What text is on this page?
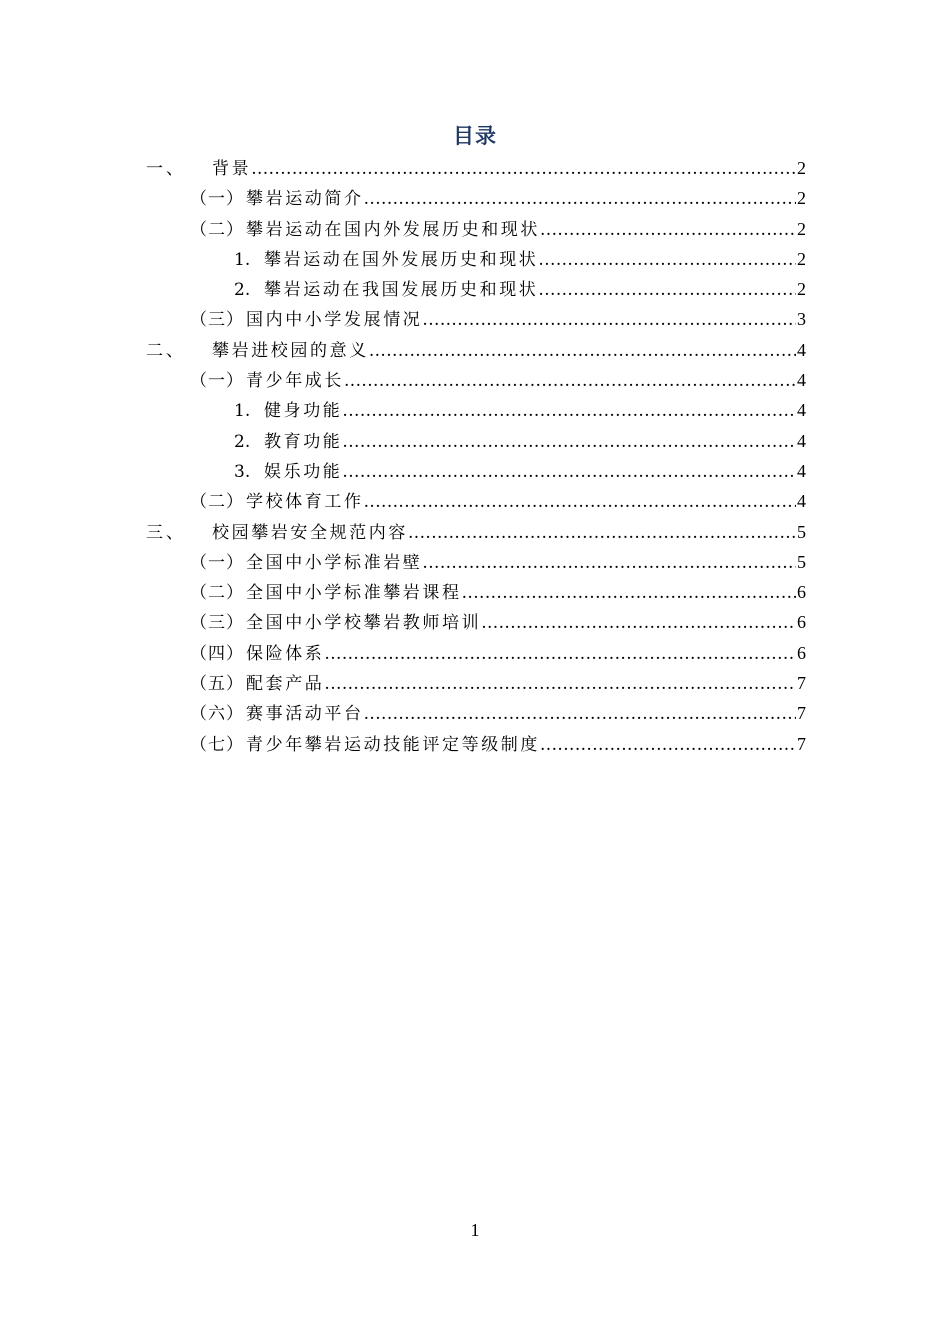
目录
一、	背景 .....	2
（一） 攀岩运动简介 .....	2
（二） 攀岩运动在国内外发展历史和现状 .....	2
1. 攀岩运动在国外发展历史和现状 .....	2
2. 攀岩运动在我国发展历史和现状 .....	2
（三） 国内中小学发展情况 .....	3
二、	攀岩进校园的意义 .....	4
（一） 青少年成长 .....	4
1. 健身功能 .....	4
2. 教育功能 .....	4
3. 娱乐功能 .....	4
（二） 学校体育工作 .....	4
三、	校园攀岩安全规范内容 .....	5
（一） 全国中小学标准岩壁 .....	5
（二） 全国中小学标准攀岩课程 .....	6
（三） 全国中小学校攀岩教师培训 .....	6
（四） 保险体系 .....	6
（五） 配套产品 .....	7
（六） 赛事活动平台 .....	7
（七） 青少年攀岩运动技能评定等级制度 .....	7
1
